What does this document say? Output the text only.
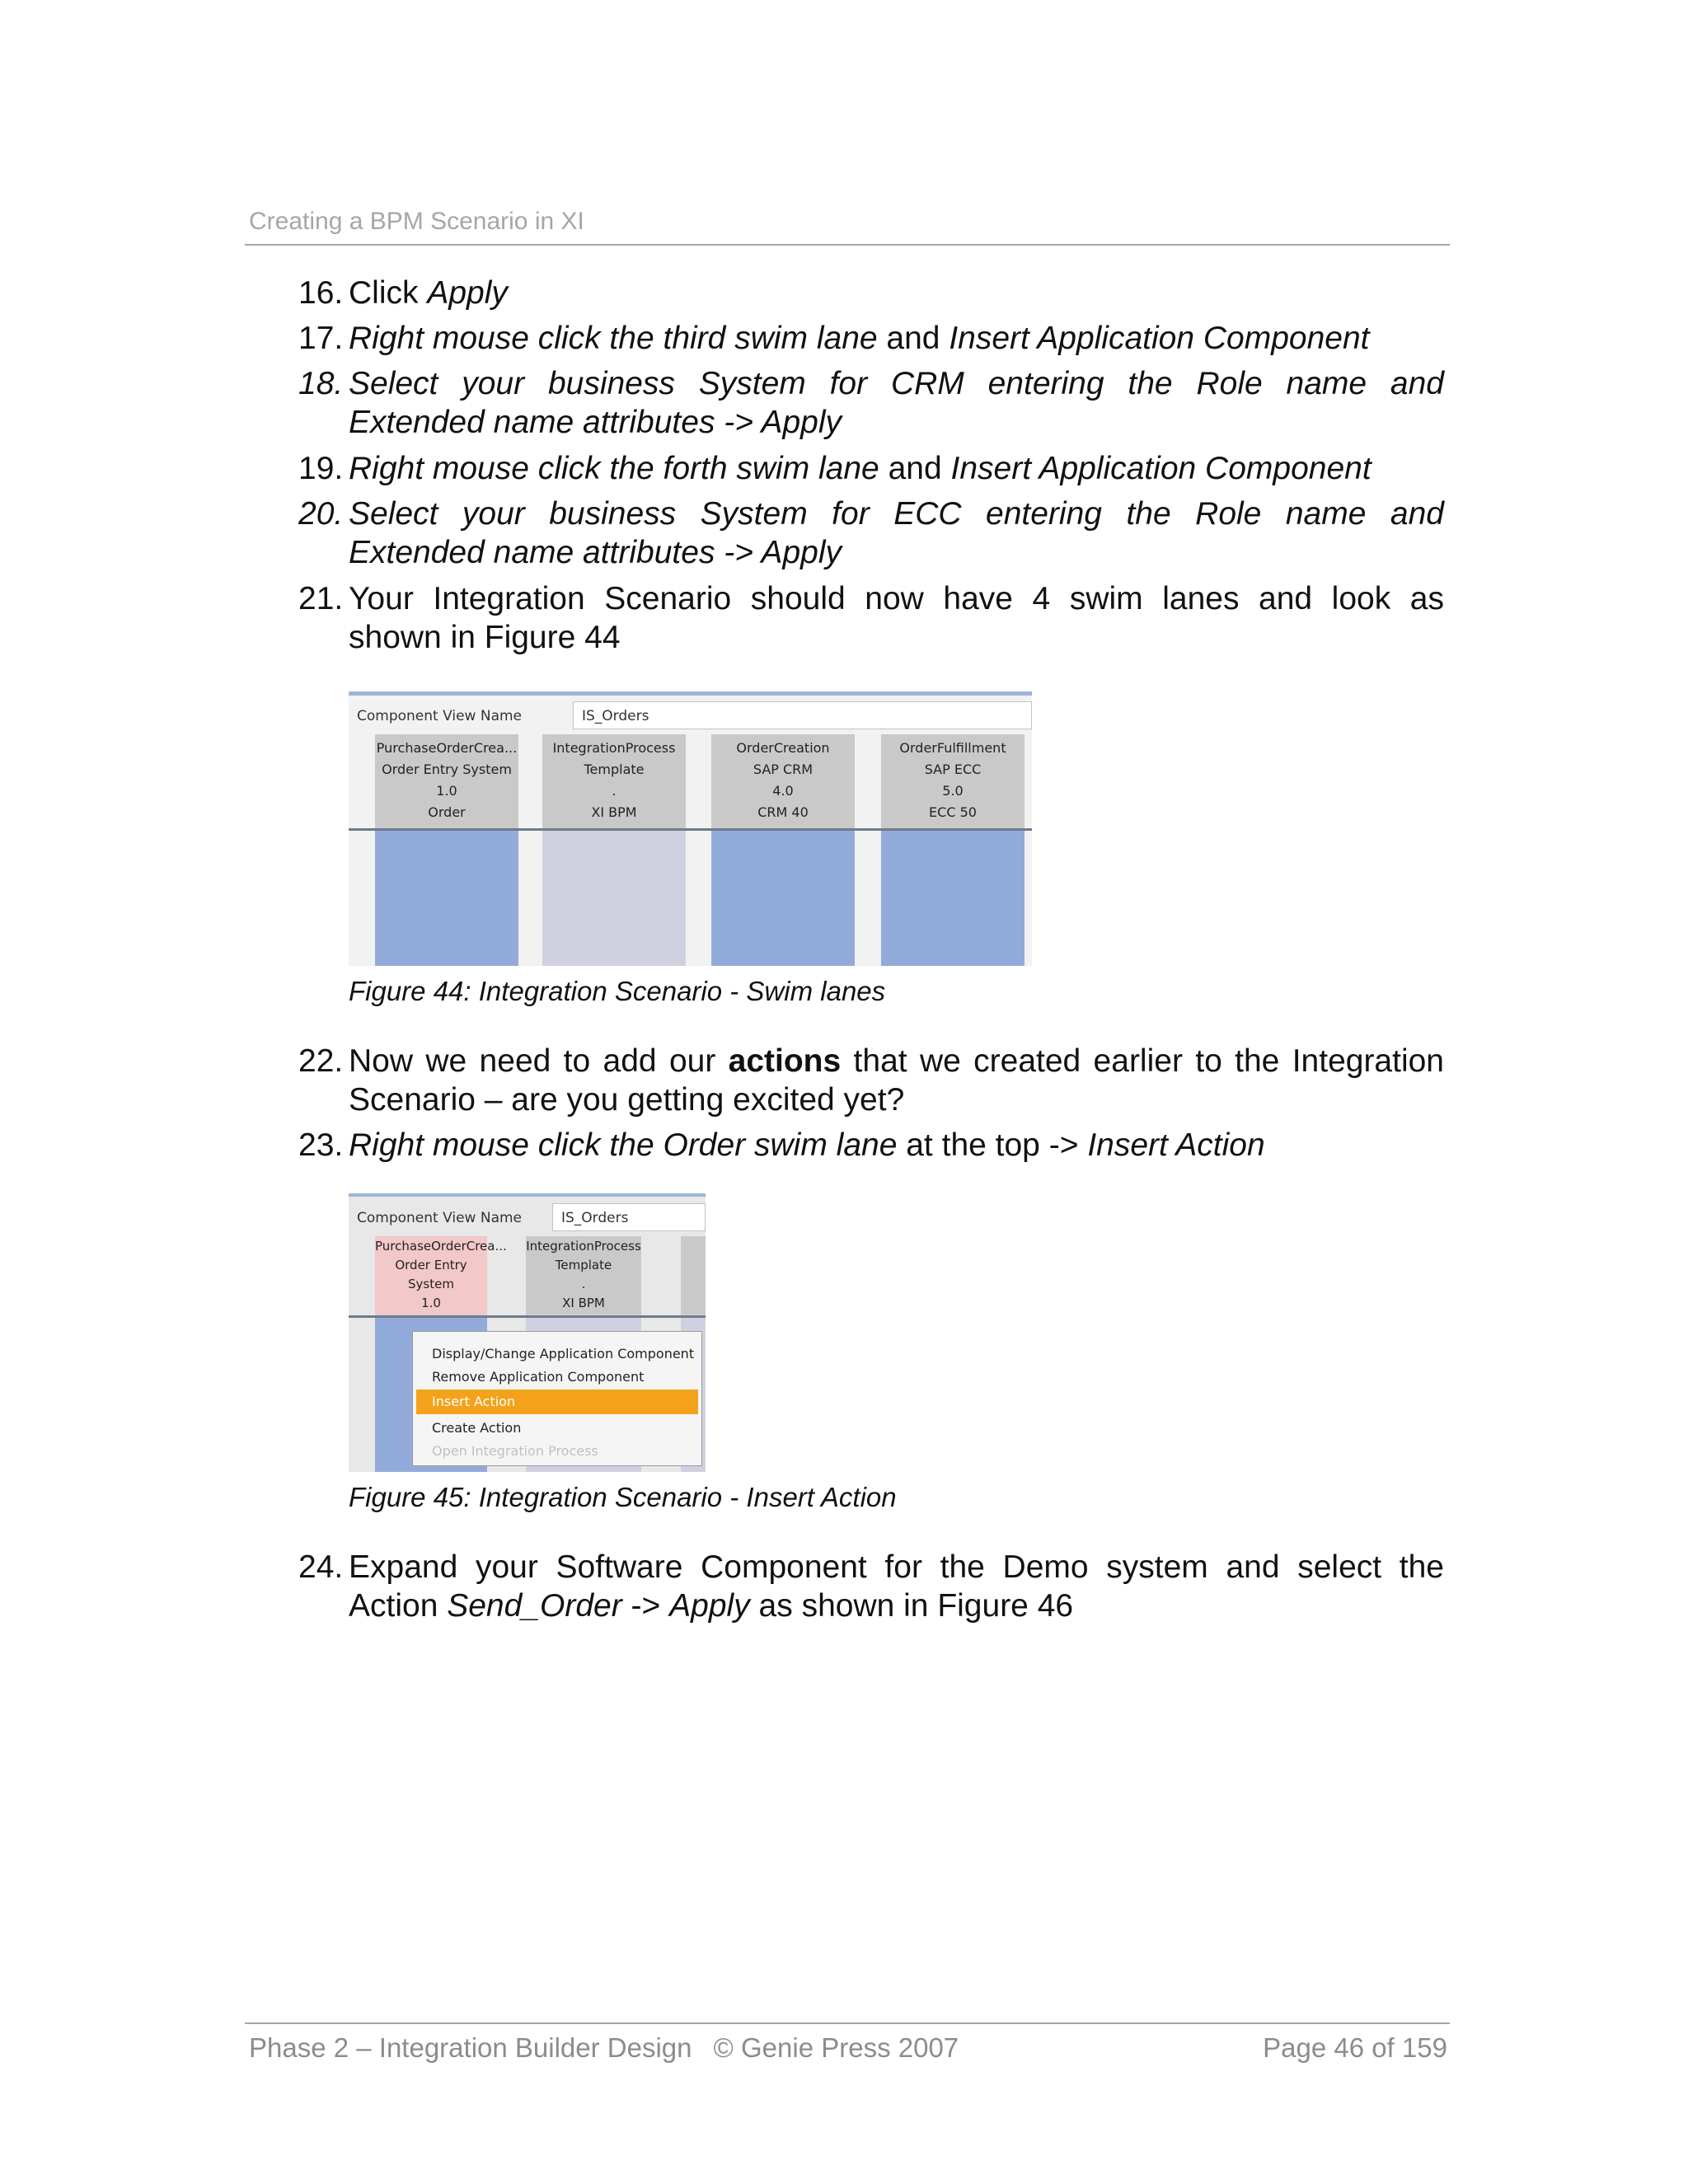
Creating a BPM Scenario in XI
16. Click Apply
17. Right mouse click the third swim lane and Insert Application Component
18. Select your business System for CRM entering the Role name and
Extended name attributes -> Apply
19. Right mouse click the forth swim lane and Insert Application Component
20. Select your business System for ECC entering the Role name and
Extended name attributes -> Apply
21. Your Integration Scenario should now have 4 swim lanes and look as
shown in Figure 44
Component View Name	IS_Orders
PurchaseOrderCrea...
Order Entry System
1.0
Order
IntegrationProcess
Template
.
XI BPM
OrderCreation
SAP CRM
4.0
CRM 40
OrderFulfillment
SAP ECC
5.0
ECC 50
Figure 44: Integration Scenario - Swim lanes
22. Now we need to add our actions that we created earlier to the Integration
Scenario – are you getting excited yet?
23. Right mouse click the Order swim lane at the top -> Insert Action
Component View Name	IS_Orders
PurchaseOrderCrea...
Order Entry System
1.0
IntegrationProcess
Template
.
XI BPM
Display/Change Application Component
Remove Application Component
Insert Action
Create Action
Open Integration Process
Figure 45: Integration Scenario - Insert Action
24. Expand your Software Component for the Demo system and select the
Action Send_Order -> Apply as shown in Figure 46
Phase 2 – Integration Builder Design © Genie Press 2007	Page 46 of 159
